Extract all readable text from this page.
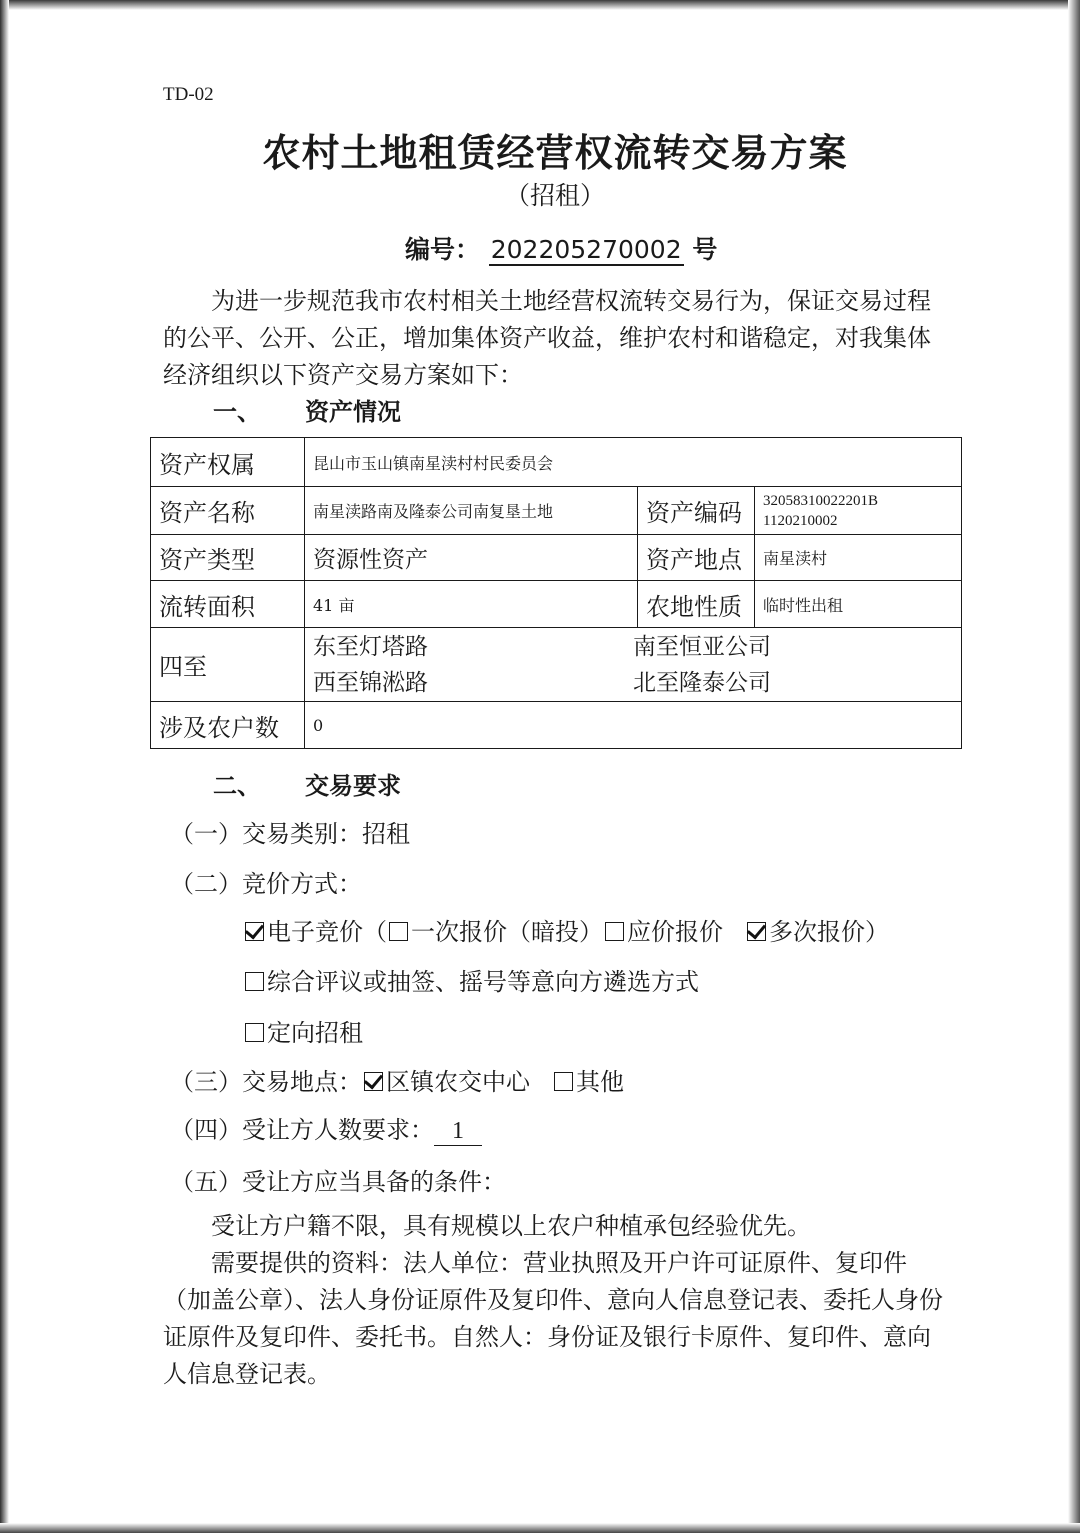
TD-02
农村土地租赁经营权流转交易方案
（招租）
编号： 202205270002 号
为进一步规范我市农村相关土地经营权流转交易行为，保证交易过程的公平、公开、公正，增加集体资产收益，维护农村和谐稳定，对我集体经济组织以下资产交易方案如下：
一、 资产情况
资产权属	昆山市玉山镇南星渎村村民委员会		
资产名称	南星渎路南及隆泰公司南复垦土地	资产编码	32058310022201B
1120210002

资产类型	资源性资产	资产地点	南星渎村
流转面积	41 亩	农地性质	临时性出租
四至	东至灯塔路 南至恒亚公司
西至锦淞路 北至隆泰公司		

涉及农户数	0		
二、 交易要求
（一）交易类别：招租
（二）竞价方式：
电子竞价（ 一次报价（暗投） 应价报价 多次报价）
综合评议或抽签、摇号等意向方遴选方式
定向招租
（三）交易地点： 区镇农交中心 其他
（四）受让方人数要求： 1
（五）受让方应当具备的条件：
受让方户籍不限，具有规模以上农户种植承包经验优先。
需要提供的资料：法人单位：营业执照及开户许可证原件、复印件（加盖公章）、法人身份证原件及复印件、意向人信息登记表、委托人身份证原件及复印件、委托书。自然人：身份证及银行卡原件、复印件、意向人信息登记表。
